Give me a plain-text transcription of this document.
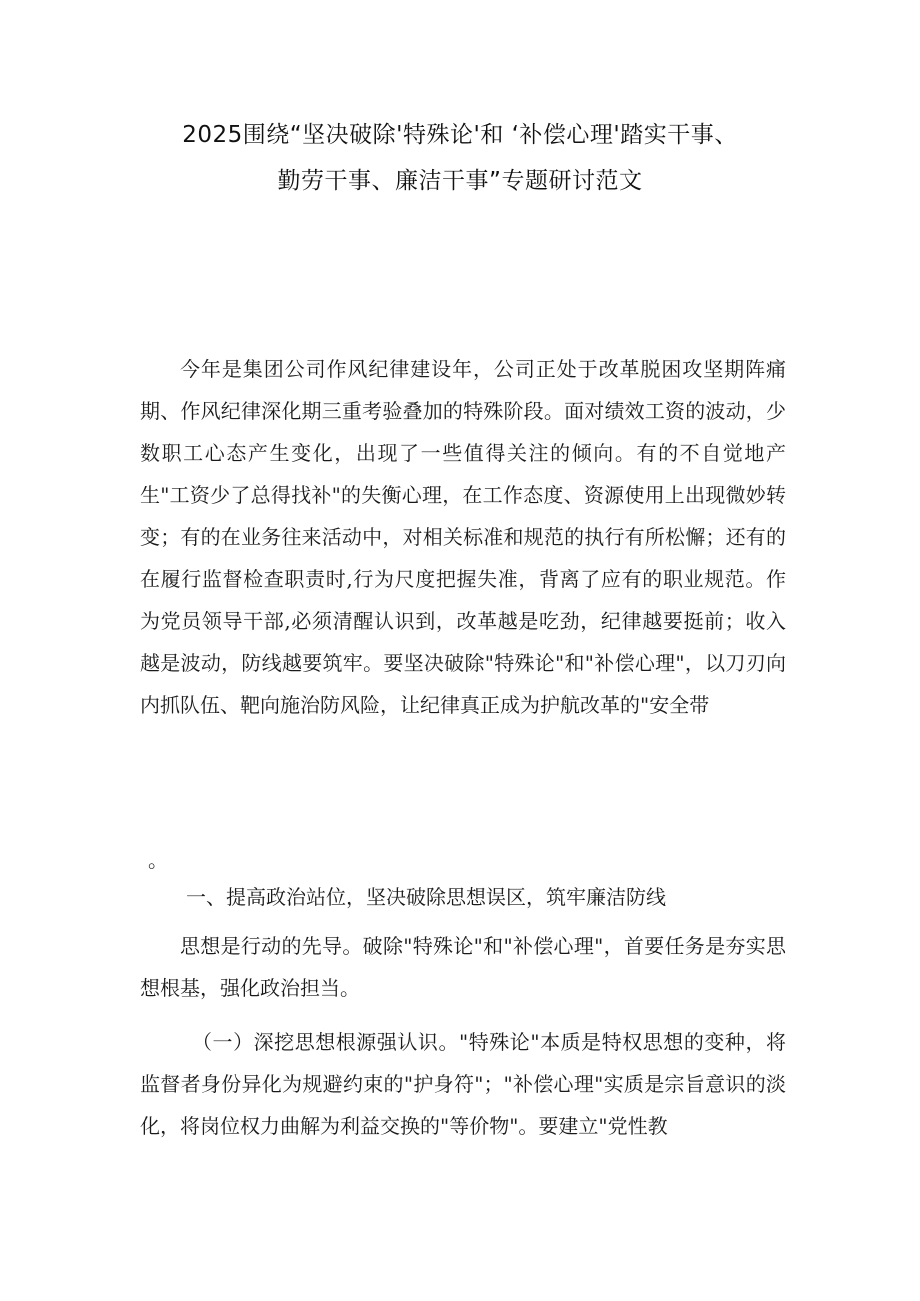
2025围绕“坚决破除'特殊论'和 ‘补偿心理'踏实干事、
勤劳干事、廉洁干事”专题研讨范文

今年是集团公司作风纪律建设年，公司正处于改革脱困攻坚期阵痛期、作风纪律深化期三重考验叠加的特殊阶段。面对绩效工资的波动，少数职工心态产生变化，出现了一些值得关注的倾向。有的不自觉地产生"工资少了总得找补"的失衡心理，在工作态度、资源使用上出现微妙转变；有的在业务往来活动中，对相关标准和规范的执行有所松懈；还有的在履行监督检查职责时,行为尺度把握失准，背离了应有的职业规范。作为党员领导干部,必须清醒认识到，改革越是吃劲，纪律越要挺前；收入越是波动，防线越要筑牢。要坚决破除"特殊论"和"补偿心理"，以刀刃向内抓队伍、靶向施治防风险，让纪律真正成为护航改革的"安全带

。

一、提高政治站位，坚决破除思想误区，筑牢廉洁防线

思想是行动的先导。破除"特殊论"和"补偿心理"，首要任务是夯实思想根基，强化政治担当。

（一）深挖思想根源强认识。"特殊论"本质是特权思想的变种，将监督者身份异化为规避约束的"护身符"；"补偿心理"实质是宗旨意识的淡化，将岗位权力曲解为利益交换的"等价物"。要建立"党性教
